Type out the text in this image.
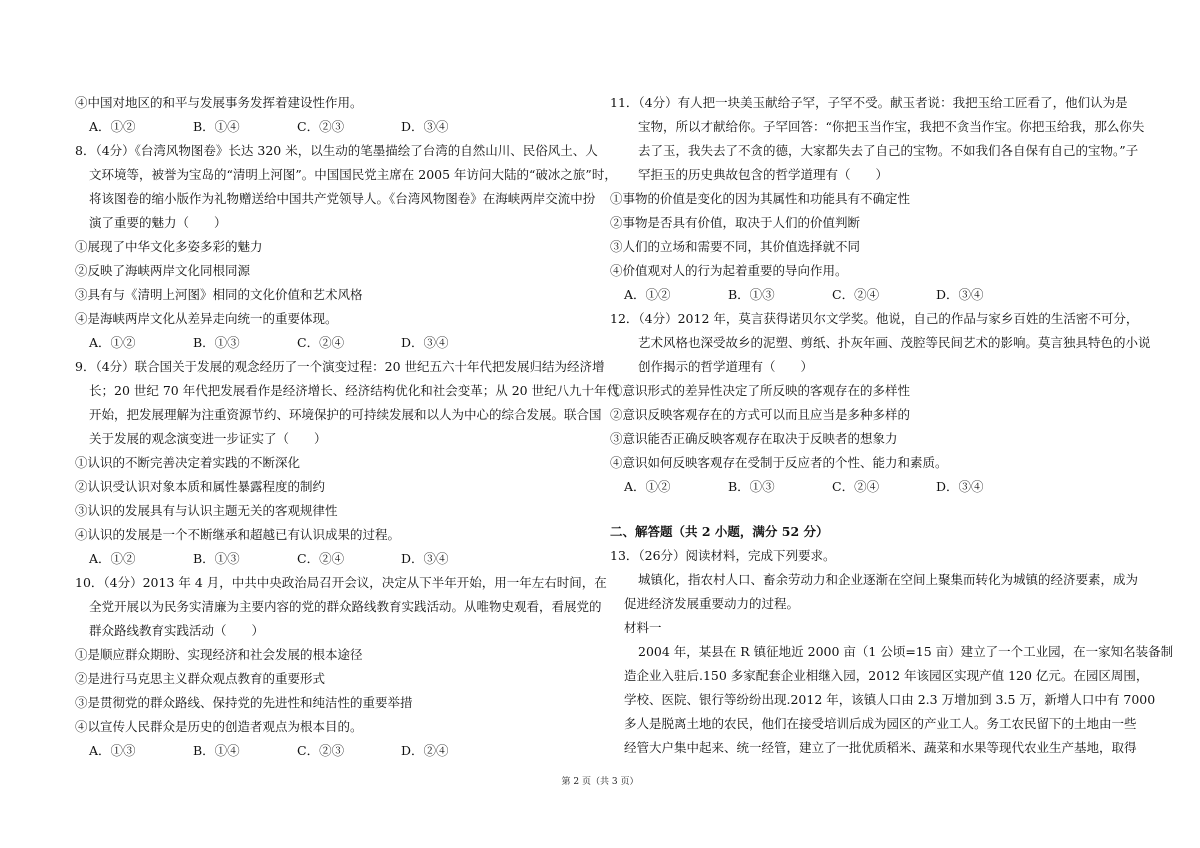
④中国对地区的和平与发展事务发挥着建设性作用。
A．①②	B．①④	C．②③	D．③④
8．（4分）《台湾风物图卷》长达 320 米，以生动的笔墨描绘了台湾的自然山川、民俗风土、人
文环境等，被誉为宝岛的“清明上河图”。中国国民党主席在 2005 年访问大陆的“破冰之旅”时，
将该图卷的缩小版作为礼物赠送给中国共产党领导人。《台湾风物图卷》在海峡两岸交流中扮
演了重要的魅力（　　）
①展现了中华文化多姿多彩的魅力
②反映了海峡两岸文化同根同源
③具有与《清明上河图》相同的文化价值和艺术风格
④是海峡两岸文化从差异走向统一的重要体现。
A．①②	B．①③	C．②④	D．③④
9．（4分）联合国关于发展的观念经历了一个演变过程：20 世纪五六十年代把发展归结为经济增
长；20 世纪 70 年代把发展看作是经济增长、经济结构优化和社会变革；从 20 世纪八九十年代
开始，把发展理解为注重资源节约、环境保护的可持续发展和以人为中心的综合发展。联合国
关于发展的观念演变进一步证实了（　　）
①认识的不断完善决定着实践的不断深化
②认识受认识对象本质和属性暴露程度的制约
③认识的发展具有与认识主题无关的客观规律性
④认识的发展是一个不断继承和超越已有认识成果的过程。
A．①②	B．①③	C．②④	D．③④
10．（4分）2013 年 4 月，中共中央政治局召开会议，决定从下半年开始，用一年左右时间，在
全党开展以为民务实清廉为主要内容的党的群众路线教育实践活动。从唯物史观看，看展党的
群众路线教育实践活动（　　）
①是顺应群众期盼、实现经济和社会发展的根本途径
②是进行马克思主义群众观点教育的重要形式
③是贯彻党的群众路线、保持党的先进性和纯洁性的重要举措
④以宣传人民群众是历史的创造者观点为根本目的。
A．①③	B．①④	C．②③	D．②④
11．（4分）有人把一块美玉献给子罕，子罕不受。献玉者说：我把玉给工匠看了，他们认为是
宝物，所以才献给你。子罕回答：“你把玉当作宝，我把不贪当作宝。你把玉给我，那么你失
去了玉，我失去了不贪的德，大家都失去了自己的宝物。不如我们各自保有自己的宝物。”子
罕拒玉的历史典故包含的哲学道理有（　　）
①事物的价值是变化的因为其属性和功能具有不确定性
②事物是否具有价值，取决于人们的价值判断
③人们的立场和需要不同，其价值选择就不同
④价值观对人的行为起着重要的导向作用。
A．①②	B．①③	C．②④	D．③④
12．（4分）2012 年，莫言获得诺贝尔文学奖。他说，自己的作品与家乡百姓的生活密不可分，
艺术风格也深受故乡的泥塑、剪纸、扑灰年画、茂腔等民间艺术的影响。莫言独具特色的小说
创作揭示的哲学道理有（　　）
①意识形式的差异性决定了所反映的客观存在的多样性
②意识反映客观存在的方式可以而且应当是多种多样的
③意识能否正确反映客观存在取决于反映者的想象力
④意识如何反映客观存在受制于反应者的个性、能力和素质。
A．①②	B．①③	C．②④	D．③④
二、解答题（共 2 小题，满分 52 分）
13．（26分）阅读材料，完成下列要求。
城镇化，指农村人口、畜余劳动力和企业逐渐在空间上聚集而转化为城镇的经济要素，成为
促进经济发展重要动力的过程。
材料一
2004 年，某县在 R 镇征地近 2000 亩（1 公顷=15 亩）建立了一个工业园，在一家知名装备制
造企业入驻后.150 多家配套企业相继入园，2012 年该园区实现产值 120 亿元。在园区周围，
学校、医院、银行等纷纷出现.2012 年，该镇人口由 2.3 万增加到 3.5 万，新增人口中有 7000
多人是脱离土地的农民，他们在接受培训后成为园区的产业工人。务工农民留下的土地由一些
经管大户集中起来、统一经管，建立了一批优质稻米、蔬菜和水果等现代农业生产基地，取得
第 2 页（共 3 页）
